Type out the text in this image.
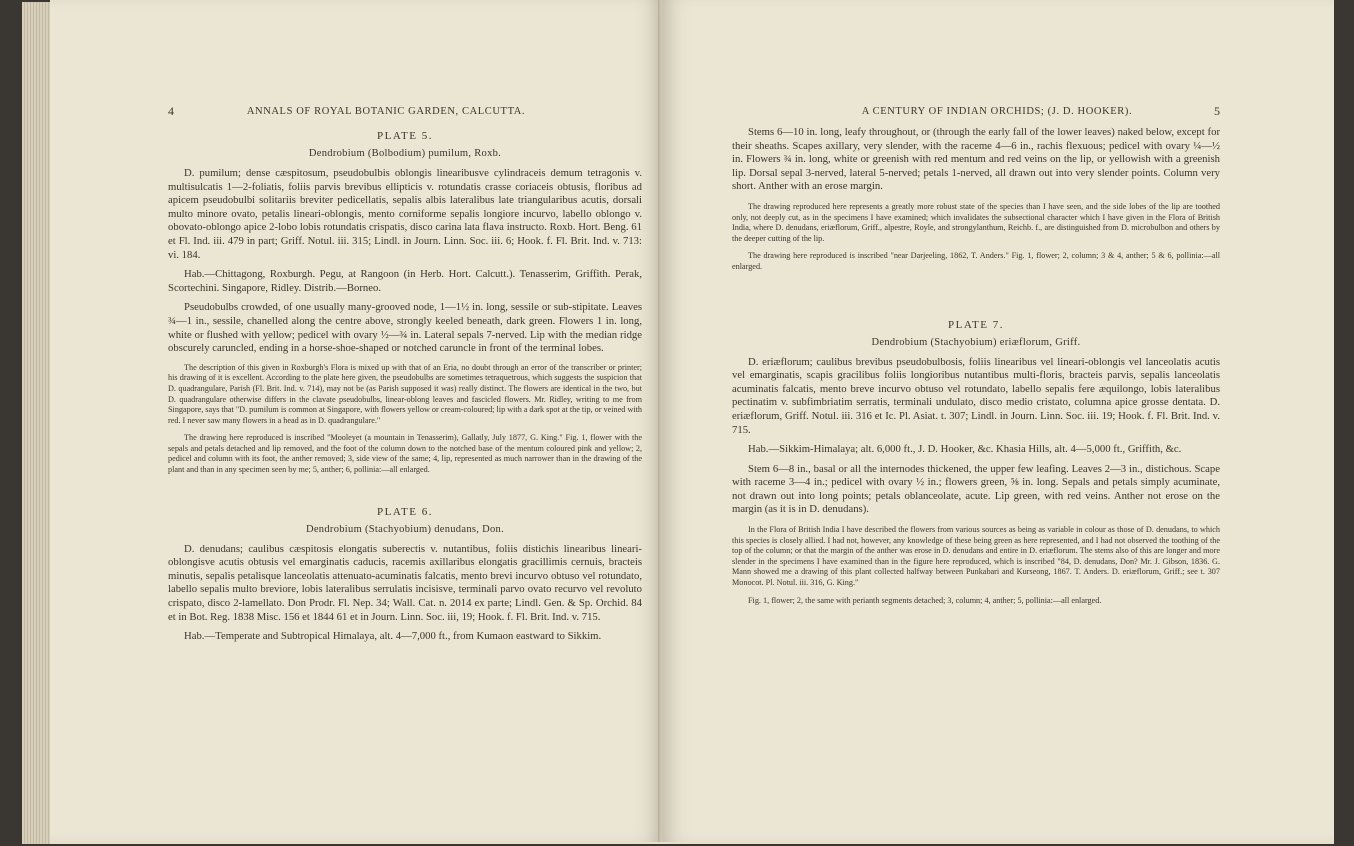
4	ANNALS OF ROYAL BOTANIC GARDEN, CALCUTTA.
PLATE 5.
Dendrobium (Bolbodium) pumilum, Roxb.

D. pumilum; dense cæspitosum, pseudobulbis oblongis linearibusve cylindraceis demum tetragonis v. multisulcatis 1—2-foliatis, foliis parvis brevibus ellipticis v. rotundatis crasse coriaceis obtusis, floribus ad apicem pseudobulbi solitariis breviter pedicellatis, sepalis albis lateralibus late triangularibus acutis, dorsali multo minore ovato, petalis lineari-oblongis, mento corniforme sepalis longiore incurvo, labello oblongo v. obovato-oblongo apice 2-lobo lobis rotundatis crispatis, disco carina lata flava instructo. Roxb. Hort. Beng. 61 et Fl. Ind. iii. 479 in part; Griff. Notul. iii. 315; Lindl. in Journ. Linn. Soc. iii. 6; Hook. f. Fl. Brit. Ind. v. 713: vi. 184.

Hab.—Chittagong, Roxburgh. Pegu, at Rangoon (in Herb. Hort. Calcutt.). Tenasserim, Griffith. Perak, Scortechini. Singapore, Ridley. Distrib.—Borneo.

Pseudobulbs crowded, of one usually many-grooved node, 1—1½ in. long, sessile or sub-stipitate. Leaves ¾—1 in., sessile, chanelled along the centre above, strongly keeled beneath, dark green. Flowers 1 in. long, white or flushed with yellow; pedicel with ovary ½—¾ in. Lateral sepals 7-nerved. Lip with the median ridge obscurely caruncled, ending in a horse-shoe-shaped or notched caruncle in front of the terminal lobes.

The description of this given in Roxburgh's Flora is mixed up with that of an Eria, no doubt through an error of the transcriber or printer; his drawing of it is excellent. According to the plate here given, the pseudobulbs are sometimes tetraquetrous, which suggests the suspicion that D. quadrangulare, Parish (Fl. Brit. Ind. v. 714), may not be (as Parish supposed it was) really distinct. The flowers are identical in the two, but D. quadrangulare otherwise differs in the clavate pseudobulbs, linear-oblong leaves and fascicled flowers. Mr. Ridley, writing to me from Singapore, says that "D. pumilum is common at Singapore, with flowers yellow or cream-coloured; lip with a dark spot at the tip, or veined with red. I never saw many flowers in a head as in D. quadrangulare."

The drawing here reproduced is inscribed "Mooleyet (a mountain in Tenasserim), Gallatly, July 1877, G. King." Fig. 1, flower with the sepals and petals detached and lip removed, and the foot of the column down to the notched base of the mentum coloured pink and yellow; 2, pedicel and column with its foot, the anther removed; 3, side view of the same; 4, lip, represented as much narrower than in the drawing of the plant and than in any specimen seen by me; 5, anther; 6, pollinia:—all enlarged.

PLATE 6.
Dendrobium (Stachyobium) denudans, Don.

D. denudans; caulibus cæspitosis elongatis suberectis v. nutantibus, foliis distichis linearibus lineari-oblongisve acutis obtusis vel emarginatis caducis, racemis axillaribus elongatis gracillimis cernuis, bracteis minutis, sepalis petalisque lanceolatis attenuato-acuminatis falcatis, mento brevi incurvo obtuso vel rotundato, labello sepalis multo breviore, lobis lateralibus serrulatis incisisve, terminali parvo ovato recurvo vel revoluto crispato, disco 2-lamellato. Don Prodr. Fl. Nep. 34; Wall. Cat. n. 2014 ex parte; Lindl. Gen. & Sp. Orchid. 84 et in Bot. Reg. 1838 Misc. 156 et 1844 61 et in Journ. Linn. Soc. iii, 19; Hook. f. Fl. Brit. Ind. v. 715.

Hab.—Temperate and Subtropical Himalaya, alt. 4—7,000 ft., from Kumaon eastward to Sikkim.

A CENTURY OF INDIAN ORCHIDS; (J. D. HOOKER).	5

Stems 6—10 in. long, leafy throughout, or (through the early fall of the lower leaves) naked below, except for their sheaths. Scapes axillary, very slender, with the raceme 4—6 in., rachis flexuous; pedicel with ovary ¼—½ in. Flowers ¾ in. long, white or greenish with red mentum and red veins on the lip, or yellowish with a greenish lip. Dorsal sepal 3-nerved, lateral 5-nerved; petals 1-nerved, all drawn out into very slender points. Column very short. Anther with an erose margin.

The drawing reproduced here represents a greatly more robust state of the species than I have seen, and the side lobes of the lip are toothed only, not deeply cut, as in the specimens I have examined; which invalidates the subsectional character which I have given in the Flora of British India, where D. denudans, eriæflorum, Griff., alpestre, Royle, and strongylanthum, Reichb. f., are distinguished from D. microbulbon and others by the deeper cutting of the lip.

The drawing here reproduced is inscribed "near Darjeeling, 1862, T. Anders." Fig. 1, flower; 2, column; 3 & 4, anther; 5 & 6, pollinia:—all enlarged.

PLATE 7.
Dendrobium (Stachyobium) eriæflorum, Griff.

D. eriæflorum; caulibus brevibus pseudobulbosis, foliis linearibus vel lineari-oblongis vel lanceolatis acutis vel emarginatis, scapis gracilibus foliis longioribus nutantibus multi-floris, bracteis parvis, sepalis lanceolatis acuminatis falcatis, mento breve incurvo obtuso vel rotundato, labello sepalis fere æquilongo, lobis lateralibus pectinatim v. subfimbriatim serratis, terminali undulato, disco medio cristato, columna apice grosse dentata. D. eriæflorum, Griff. Notul. iii. 316 et Ic. Pl. Asiat. t. 307; Lindl. in Journ. Linn. Soc. iii. 19; Hook. f. Fl. Brit. Ind. v. 715.

Hab.—Sikkim-Himalaya; alt. 6,000 ft., J. D. Hooker, &c. Khasia Hills, alt. 4—5,000 ft., Griffith, &c.

Stem 6—8 in., basal or all the internodes thickened, the upper few leafing. Leaves 2—3 in., distichous. Scape with raceme 3—4 in.; pedicel with ovary ½ in.; flowers green, ⅝ in. long. Sepals and petals simply acuminate, not drawn out into long points; petals oblanceolate, acute. Lip green, with red veins. Anther not erose on the margin (as it is in D. denudans).

In the Flora of British India I have described the flowers from various sources as being as variable in colour as those of D. denudans, to which this species is closely allied. I had not, however, any knowledge of these being green as here represented, and I had not observed the toothing of the top of the column; or that the margin of the anther was erose in D. denudans and entire in D. eriæflorum. The stems also of this are longer and more slender in the specimens I have examined than in the figure here reproduced, which is inscribed "84, D. denudans, Don? Mr. J. Gibson, 1836. G. Mann showed me a drawing of this plant collected halfway between Punkabari and Kurseong, 1867. T. Anders. D. eriæflorum, Griff.; see t. 307 Monocot. Pl. Notul. iii. 316, G. King."

Fig. 1, flower; 2, the same with perianth segments detached; 3, column; 4, anther; 5, pollinia:—all enlarged.
